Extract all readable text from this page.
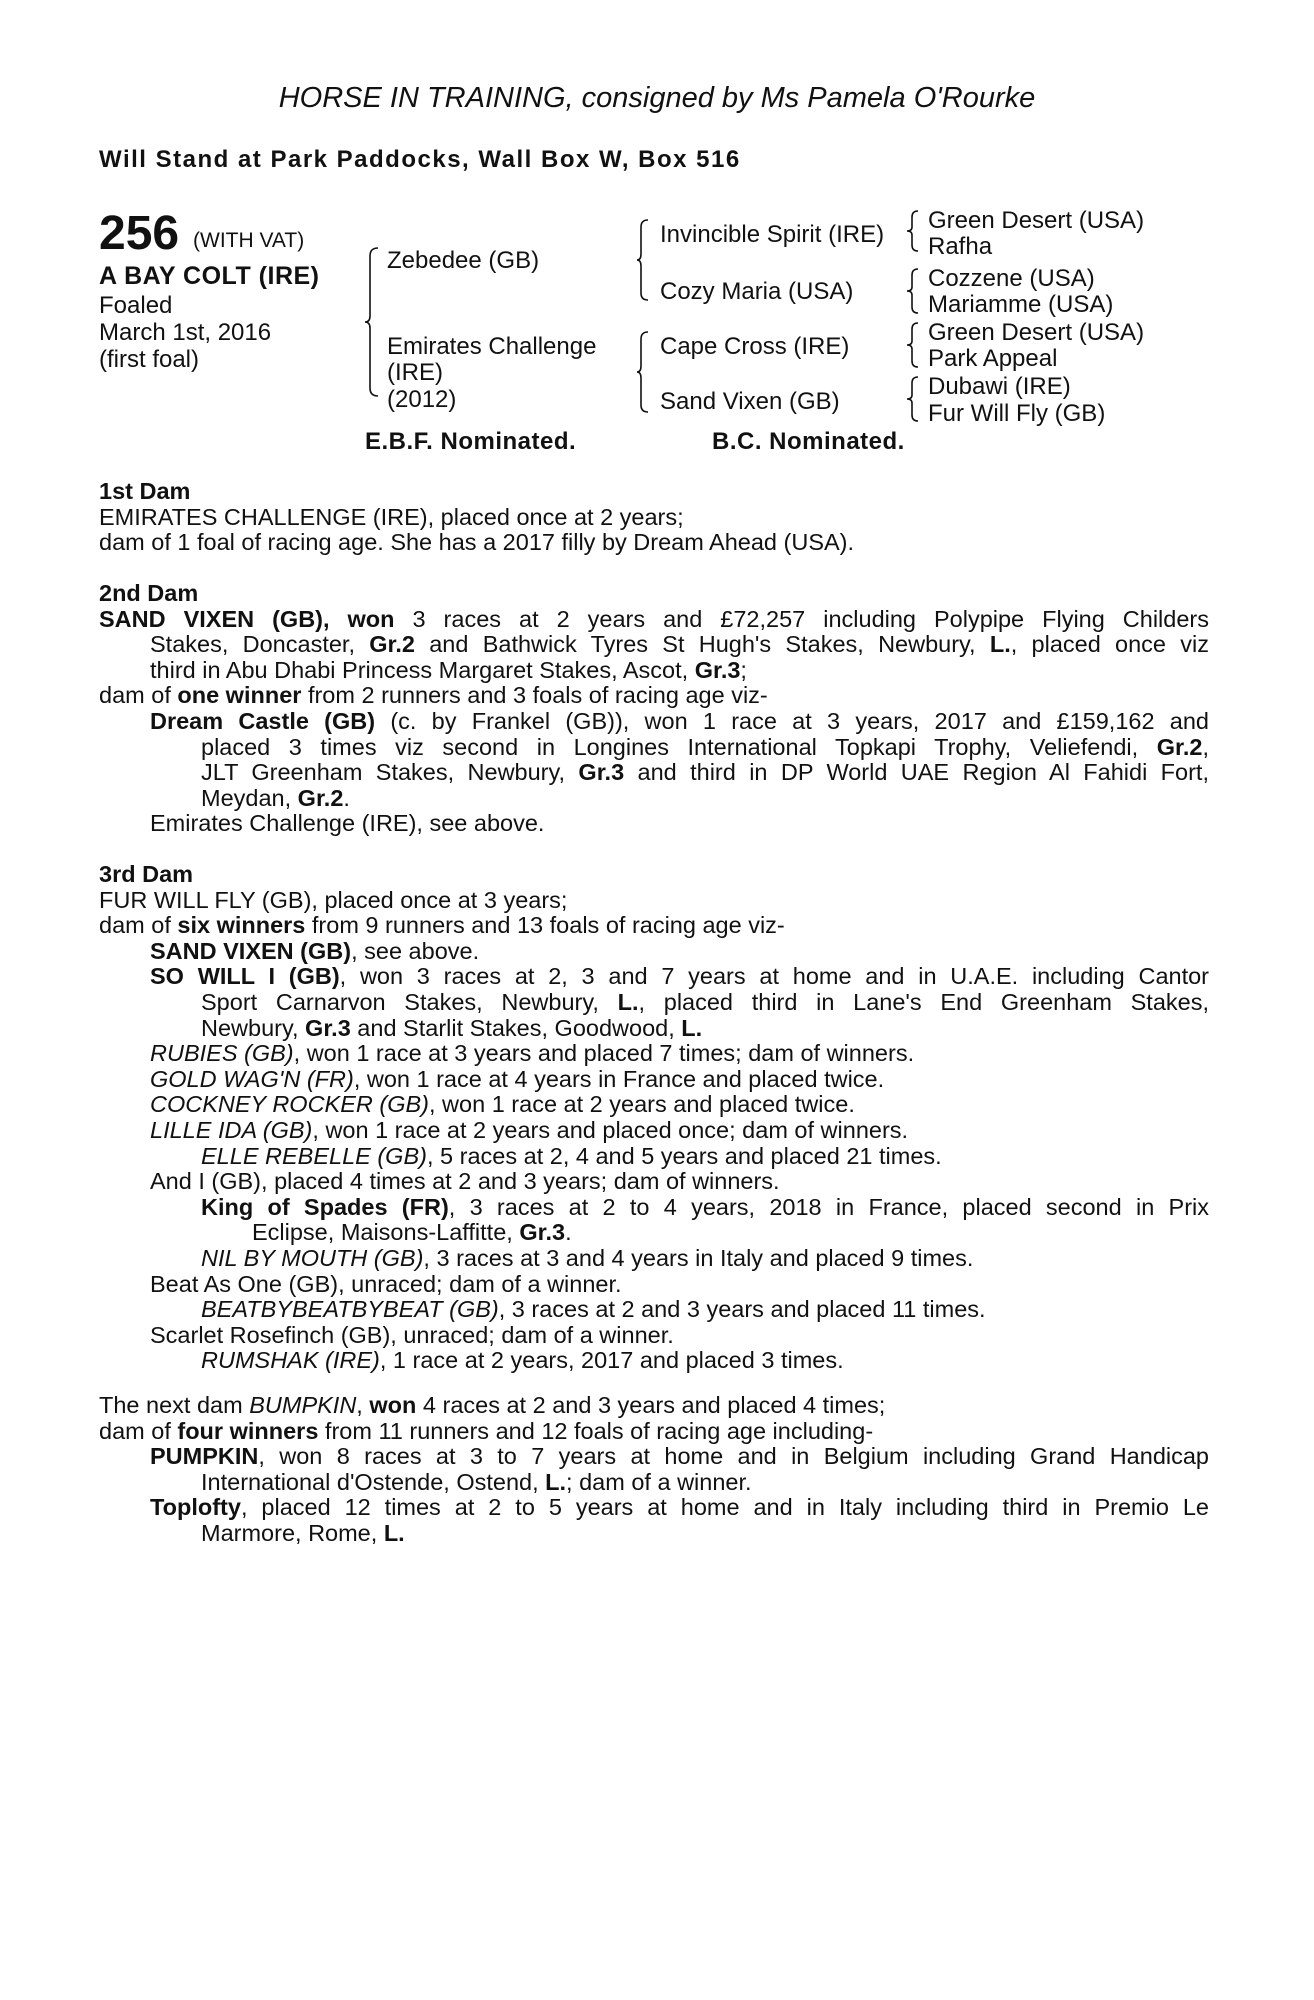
HORSE IN TRAINING, consigned by Ms Pamela O'Rourke
Will Stand at Park Paddocks, Wall Box W, Box 516
256 (WITH VAT)
A BAY COLT (IRE)
Foaled
March 1st, 2016
(first foal)
Zebedee (GB)
Emirates Challenge
(IRE)
(2012)
Invincible Spirit (IRE)
Cozy Maria (USA)
Cape Cross (IRE)
Sand Vixen (GB)
Green Desert (USA)
Rafha
Cozzene (USA)
Mariamme (USA)
Green Desert (USA)
Park Appeal
Dubawi (IRE)
Fur Will Fly (GB)
E.B.F. Nominated.	B.C. Nominated.
1st Dam
EMIRATES CHALLENGE (IRE), placed once at 2 years;
dam of 1 foal of racing age. She has a 2017 filly by Dream Ahead (USA).
2nd Dam
SAND VIXEN (GB), won 3 races at 2 years and £72,257 including Polypipe Flying Childers
Stakes, Doncaster, Gr.2 and Bathwick Tyres St Hugh's Stakes, Newbury, L., placed once viz
third in Abu Dhabi Princess Margaret Stakes, Ascot, Gr.3;
dam of one winner from 2 runners and 3 foals of racing age viz-
Dream Castle (GB) (c. by Frankel (GB)), won 1 race at 3 years, 2017 and £159,162 and
placed 3 times viz second in Longines International Topkapi Trophy, Veliefendi, Gr.2,
JLT Greenham Stakes, Newbury, Gr.3 and third in DP World UAE Region Al Fahidi Fort,
Meydan, Gr.2.
Emirates Challenge (IRE), see above.
3rd Dam
FUR WILL FLY (GB), placed once at 3 years;
dam of six winners from 9 runners and 13 foals of racing age viz-
SAND VIXEN (GB), see above.
SO WILL I (GB), won 3 races at 2, 3 and 7 years at home and in U.A.E. including Cantor
Sport Carnarvon Stakes, Newbury, L., placed third in Lane's End Greenham Stakes,
Newbury, Gr.3 and Starlit Stakes, Goodwood, L.
RUBIES (GB), won 1 race at 3 years and placed 7 times; dam of winners.
GOLD WAG'N (FR), won 1 race at 4 years in France and placed twice.
COCKNEY ROCKER (GB), won 1 race at 2 years and placed twice.
LILLE IDA (GB), won 1 race at 2 years and placed once; dam of winners.
ELLE REBELLE (GB), 5 races at 2, 4 and 5 years and placed 21 times.
And I (GB), placed 4 times at 2 and 3 years; dam of winners.
King of Spades (FR), 3 races at 2 to 4 years, 2018 in France, placed second in Prix
Eclipse, Maisons-Laffitte, Gr.3.
NIL BY MOUTH (GB), 3 races at 3 and 4 years in Italy and placed 9 times.
Beat As One (GB), unraced; dam of a winner.
BEATBYBEATBYBEAT (GB), 3 races at 2 and 3 years and placed 11 times.
Scarlet Rosefinch (GB), unraced; dam of a winner.
RUMSHAK (IRE), 1 race at 2 years, 2017 and placed 3 times.
The next dam BUMPKIN, won 4 races at 2 and 3 years and placed 4 times;
dam of four winners from 11 runners and 12 foals of racing age including-
PUMPKIN, won 8 races at 3 to 7 years at home and in Belgium including Grand Handicap
International d'Ostende, Ostend, L.; dam of a winner.
Toplofty, placed 12 times at 2 to 5 years at home and in Italy including third in Premio Le
Marmore, Rome, L.
